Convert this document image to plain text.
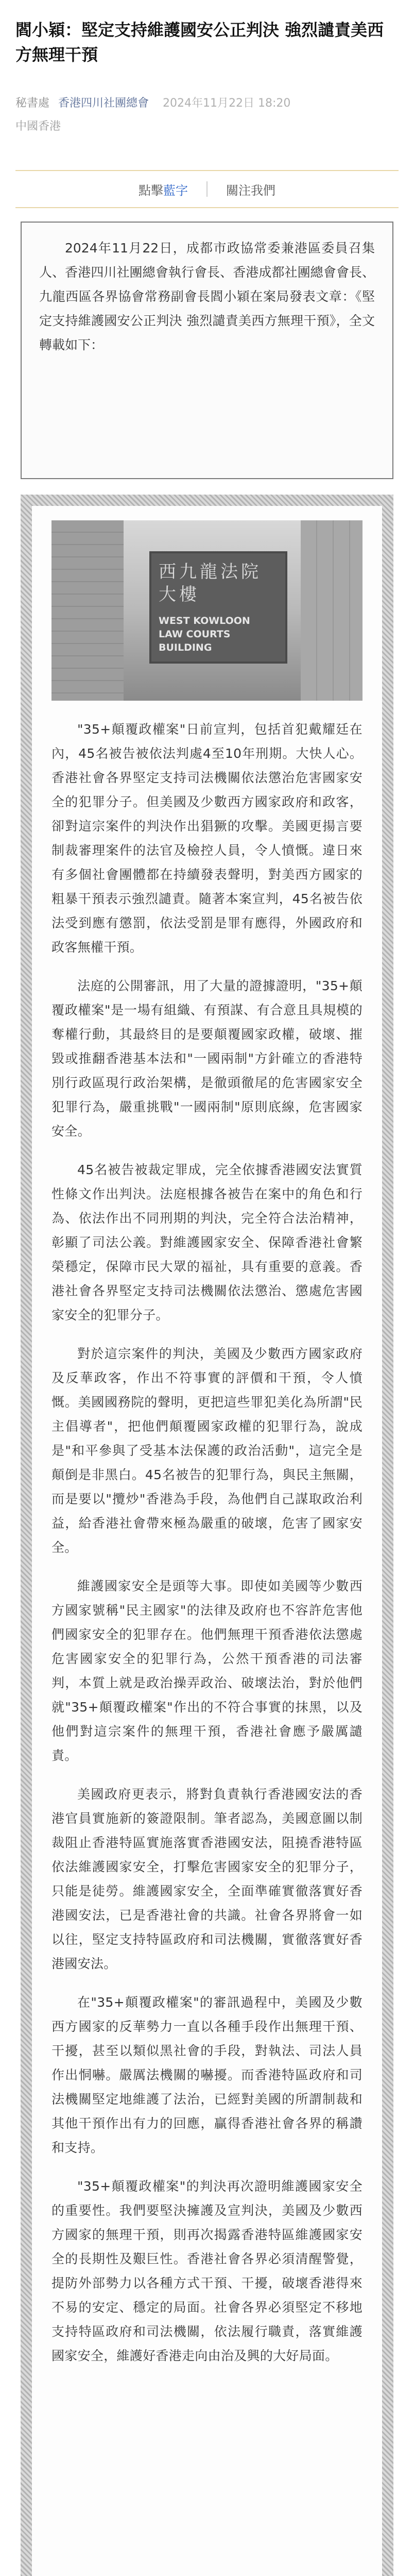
閻小穎：堅定支持維護國安公正判決 強烈譴責美西方無理干預
秘書處 香港四川社團總會 2024年11月22日 18:20
中國香港
點擊 藍字	關注我們

2024年11月22日，成都市政協常委兼港區委員召集人、香港四川社團總會執行會長、香港成都社團總會會長、九龍西區各界協會常務副會長閻小穎在案局發表文章：《堅定支持維護國安公正判決 強烈譴責美西方無理干預》，全文轉載如下：

西九龍法院大樓
WEST KOWLOON LAW COURTS BUILDING

"35+顛覆政權案"日前宣判，包括首犯戴耀廷在內，45名被告被依法判處4至10年刑期。大快人心。香港社會各界堅定支持司法機關依法懲治危害國家安全的犯罪分子。但美國及少數西方國家政府和政客，卻對這宗案件的判決作出猖獗的攻擊。美國更揚言要制裁審理案件的法官及檢控人員，令人憤慨。違日來有多個社會團體都在持續發表聲明，對美西方國家的粗暴干預表示強烈譴責。隨著本案宣判，45名被告依法受到應有懲罰，依法受罰是罪有應得，外國政府和政客無權干預。

法庭的公開審訊，用了大量的證據證明，"35+顛覆政權案"是一場有組織、有預謀、有合意且具規模的奪權行動，其最終目的是要顛覆國家政權，破壞、摧毀或推翻香港基本法和"一國兩制"方針確立的香港特別行政區現行政治架構，是徹頭徹尾的危害國家安全犯罪行為，嚴重挑戰"一國兩制"原則底線，危害國家安全。

45名被告被裁定罪成，完全依據香港國安法實質性條文作出判決。法庭根據各被告在案中的角色和行為、依法作出不同刑期的判決，完全符合法治精神，彰顯了司法公義。對維護國家安全、保障香港社會繁榮穩定，保障市民大眾的福祉，具有重要的意義。香港社會各界堅定支持司法機關依法懲治、懲處危害國家安全的犯罪分子。

對於這宗案件的判決，美國及少數西方國家政府及反華政客，作出不符事實的評價和干預，令人憤慨。美國國務院的聲明，更把這些罪犯美化為所謂"民主倡導者"，把他們顛覆國家政權的犯罪行為，說成是"和平參與了受基本法保護的政治活動"，這完全是顛倒是非黑白。45名被告的犯罪行為，與民主無關，而是要以"攬炒"香港為手段，為他們自己謀取政治利益，給香港社會帶來極為嚴重的破壞，危害了國家安全。

維護國家安全是頭等大事。即使如美國等少數西方國家號稱"民主國家"的法律及政府也不容許危害他們國家安全的犯罪存在。他們無理干預香港依法懲處危害國家安全的犯罪行為，公然干預香港的司法審判，本質上就是政治操弄政治、破壞法治，對於他們就"35+顛覆政權案"作出的不符合事實的抹黑，以及他們對這宗案件的無理干預，香港社會應予嚴厲譴責。

美國政府更表示，將對負責執行香港國安法的香港官員實施新的簽證限制。筆者認為，美國意圖以制裁阻止香港特區實施落實香港國安法，阻撓香港特區依法維護國家安全，打擊危害國家安全的犯罪分子，只能是徒勞。維護國家安全，全面準確實徹落實好香港國安法，已是香港社會的共識。社會各界將會一如以往，堅定支持特區政府和司法機關，實徹落實好香港國安法。

在"35+顛覆政權案"的審訊過程中，美國及少數西方國家的反華勢力一直以各種手段作出無理干預、干擾，甚至以類似黑社會的手段，對執法、司法人員作出恫嚇。嚴厲法機關的嚇擾。而香港特區政府和司法機關堅定地維護了法治，已經對美國的所謂制裁和其他干預作出有力的回應，贏得香港社會各界的稱讚和支持。

"35+顛覆政權案"的判決再次證明維護國家安全的重要性。我們要堅決擁護及宣判決，美國及少數西方國家的無理干預，則再次揭露香港特區維護國家安全的長期性及艱巨性。香港社會各界必須清醒警覺，提防外部勢力以各種方式干預、干擾，破壞香港得來不易的安定、穩定的局面。社會各界必須堅定不移地支持特區政府和司法機關，依法履行職責，落實維護國家安全，維護好香港走向由治及興的大好局面。
